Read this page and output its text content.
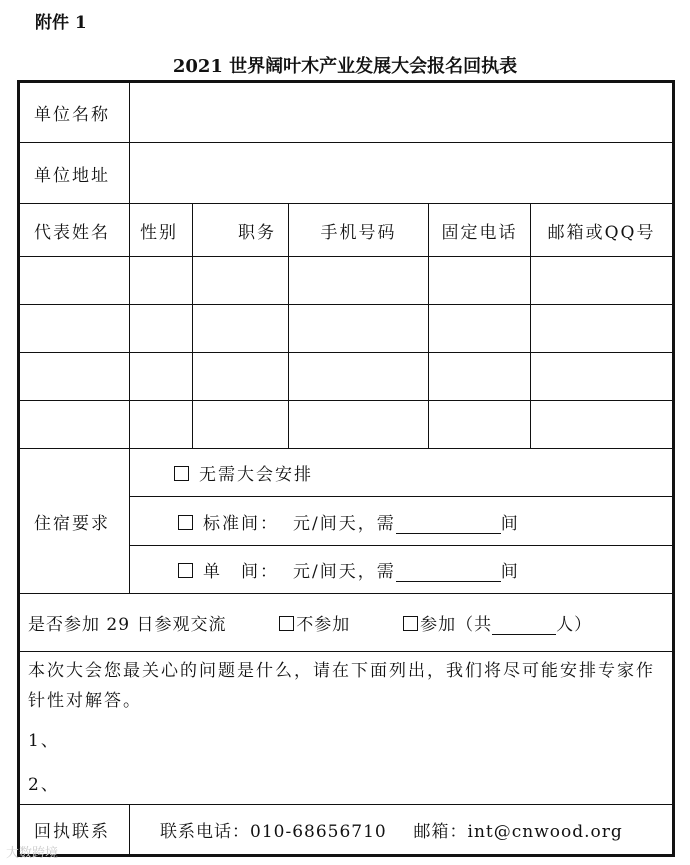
附件 1
2021 世界阔叶木产业发展大会报名回执表
单位名称					
单位地址					
代表姓名	性别	职务	手机号码	固定电话	邮箱或QQ号

住宿要求	无需大会安排				
	标准间： 元/间天，需 间				
	单　间： 元/间天，需 间				
是否参加 29 日参观交流 不参加 参加（共 人）					

本次大会您最关心的问题是什么，请在下面列出，我们将尽可能安排专家作针性对解答。
1、
2、					

回执联系	联系电话：010-68656710 邮箱：int@cnwood.org				
大数跨境
